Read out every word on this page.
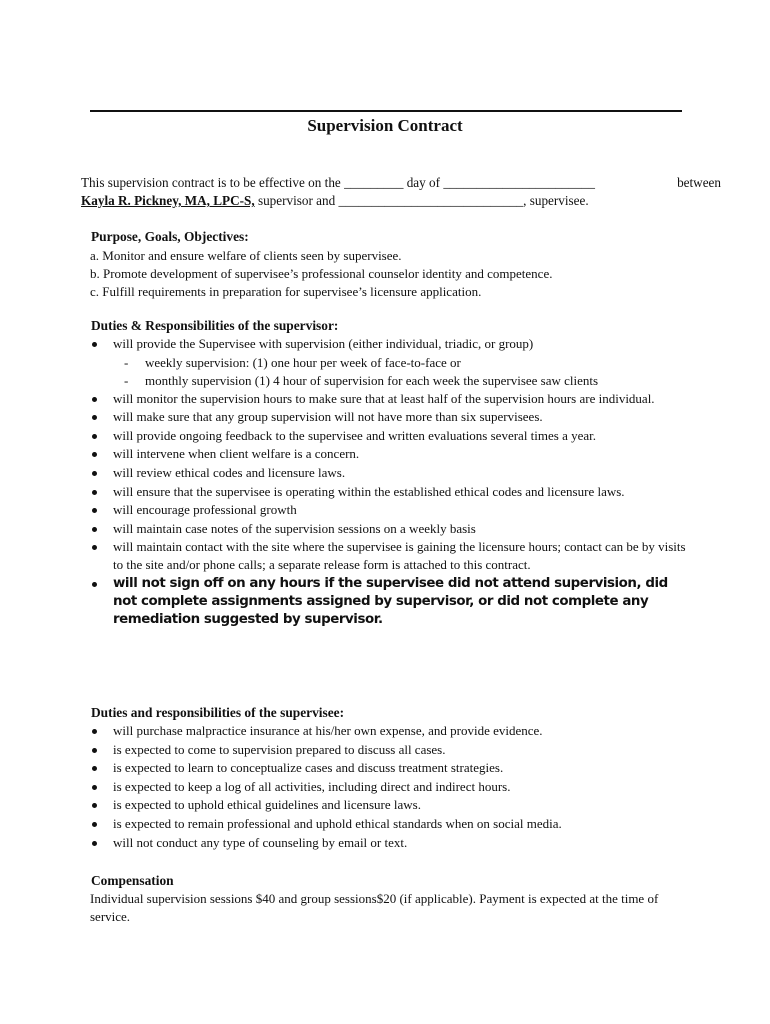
Supervision Contract
This supervision contract is to be effective on the _________ day of _______________________	between
Kayla R. Pickney, MA, LPC-S, supervisor and ____________________________, supervisee.
Purpose, Goals, Objectives:
a. Monitor and ensure welfare of clients seen by supervisee.
b. Promote development of supervisee’s professional counselor identity and competence.
c. Fulfill requirements in preparation for supervisee’s licensure application.
Duties & Responsibilities of the supervisor:
will provide the Supervisee with supervision (either individual, triadic, or group)
- weekly supervision: (1) one hour per week of face-to-face or
- monthly supervision (1) 4 hour of supervision for each week the supervisee saw clients
will monitor the supervision hours to make sure that at least half of the supervision hours are individual.
will make sure that any group supervision will not have more than six supervisees.
will provide ongoing feedback to the supervisee and written evaluations several times a year.
will intervene when client welfare is a concern.
will review ethical codes and licensure laws.
will ensure that the supervisee is operating within the established ethical codes and licensure laws.
will encourage professional growth
will maintain case notes of the supervision sessions on a weekly basis
will maintain contact with the site where the supervisee is gaining the licensure hours; contact can be by visits to the site and/or phone calls; a separate release form is attached to this contract.
will not sign off on any hours if the supervisee did not attend supervision, did not complete assignments assigned by supervisor, or did not complete any remediation suggested by supervisor.
Duties and responsibilities of the supervisee:
will purchase malpractice insurance at his/her own expense, and provide evidence.
is expected to come to supervision prepared to discuss all cases.
is expected to learn to conceptualize cases and discuss treatment strategies.
is expected to keep a log of all activities, including direct and indirect hours.
is expected to uphold ethical guidelines and licensure laws.
is expected to remain professional and uphold ethical standards when on social media.
will not conduct any type of counseling by email or text.
Compensation
Individual supervision sessions $40 and group sessions$20 (if applicable). Payment is expected at the time of service.
